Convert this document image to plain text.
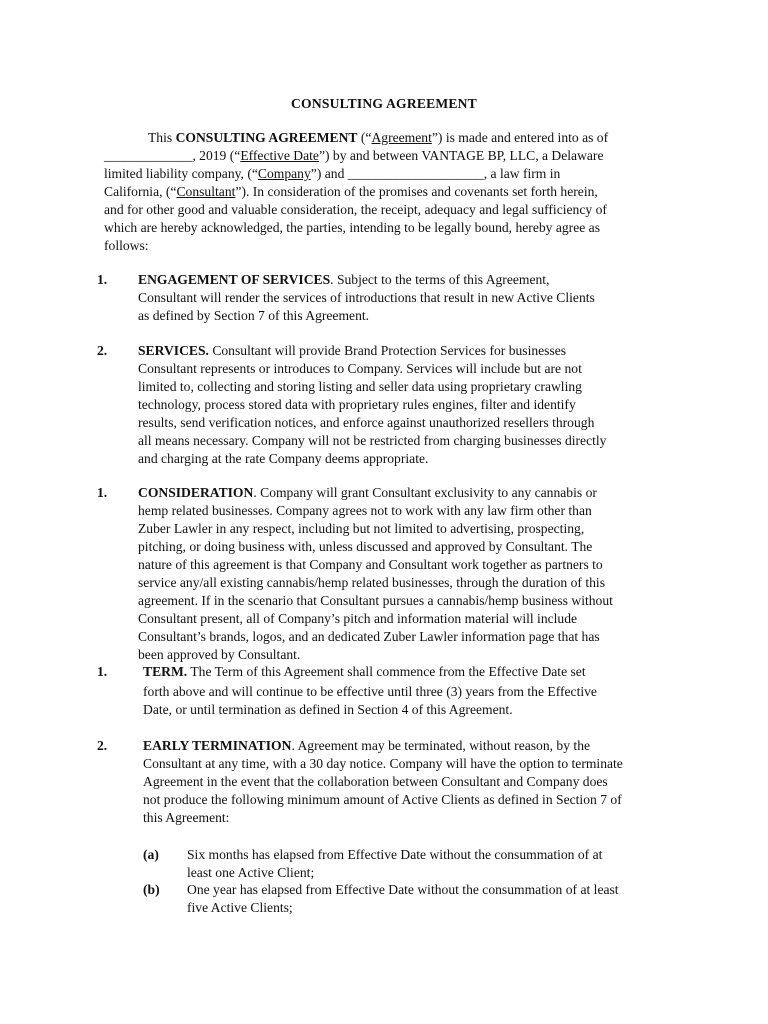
CONSULTING AGREEMENT
This CONSULTING AGREEMENT (“Agreement”) is made and entered into as of
_____________, 2019 (“Effective Date”) by and between VANTAGE BP, LLC, a Delaware
limited liability company, (“Company”) and ____________________, a law firm in
California, (“Consultant”). In consideration of the promises and covenants set forth herein,
and for other good and valuable consideration, the receipt, adequacy and legal sufficiency of
which are hereby acknowledged, the parties, intending to be legally bound, hereby agree as
follows:
1. ENGAGEMENT OF SERVICES. Subject to the terms of this Agreement,
Consultant will render the services of introductions that result in new Active Clients
as defined by Section 7 of this Agreement.
2. SERVICES. Consultant will provide Brand Protection Services for businesses
Consultant represents or introduces to Company. Services will include but are not
limited to, collecting and storing listing and seller data using proprietary crawling
technology, process stored data with proprietary rules engines, filter and identify
results, send verification notices, and enforce against unauthorized resellers through
all means necessary. Company will not be restricted from charging businesses directly
and charging at the rate Company deems appropriate.
1. CONSIDERATION. Company will grant Consultant exclusivity to any cannabis or
hemp related businesses. Company agrees not to work with any law firm other than
Zuber Lawler in any respect, including but not limited to advertising, prospecting,
pitching, or doing business with, unless discussed and approved by Consultant. The
nature of this agreement is that Company and Consultant work together as partners to
service any/all existing cannabis/hemp related businesses, through the duration of this
agreement. If in the scenario that Consultant pursues a cannabis/hemp business without
Consultant present, all of Company’s pitch and information material will include
Consultant’s brands, logos, and an dedicated Zuber Lawler information page that has
been approved by Consultant.
1.	TERM. The Term of this Agreement shall commence from the Effective Date set
forth above and will continue to be effective until three (3) years from the Effective
Date, or until termination as defined in Section 4 of this Agreement.
2.	EARLY TERMINATION. Agreement may be terminated, without reason, by the
Consultant at any time, with a 30 day notice. Company will have the option to terminate
Agreement in the event that the collaboration between Consultant and Company does
not produce the following minimum amount of Active Clients as defined in Section 7 of
this Agreement:
(a) Six months has elapsed from Effective Date without the consummation of at
least one Active Client;
(b) One year has elapsed from Effective Date without the consummation of at least
five Active Clients;
